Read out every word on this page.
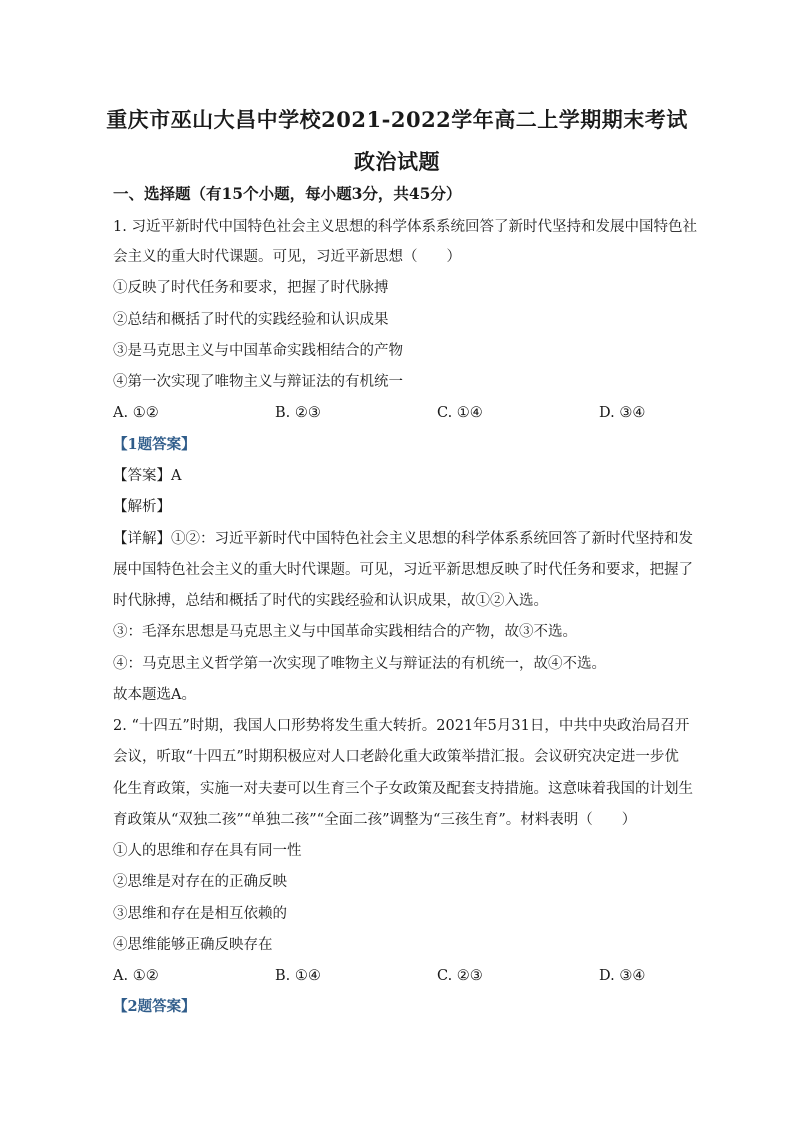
重庆市巫山大昌中学校2021-2022学年高二上学期期末考试
政治试题
一、选择题（有15个小题，每小题3分，共45分）
1. 习近平新时代中国特色社会主义思想的科学体系系统回答了新时代坚持和发展中国特色社
会主义的重大时代课题。可见，习近平新思想（　　）
①反映了时代任务和要求，把握了时代脉搏
②总结和概括了时代的实践经验和认识成果
③是马克思主义与中国革命实践相结合的产物
④第一次实现了唯物主义与辩证法的有机统一
A. ①②	B. ②③	C. ①④	D. ③④
【1题答案】
【答案】A
【解析】
【详解】①②：习近平新时代中国特色社会主义思想的科学体系系统回答了新时代坚持和发
展中国特色社会主义的重大时代课题。可见，习近平新思想反映了时代任务和要求，把握了
时代脉搏，总结和概括了时代的实践经验和认识成果，故①②入选。
③：毛泽东思想是马克思主义与中国革命实践相结合的产物，故③不选。
④：马克思主义哲学第一次实现了唯物主义与辩证法的有机统一，故④不选。
故本题选A。
2. “十四五”时期，我国人口形势将发生重大转折。2021年5月31日，中共中央政治局召开
会议，听取“十四五”时期积极应对人口老龄化重大政策举措汇报。会议研究决定进一步优
化生育政策，实施一对夫妻可以生育三个子女政策及配套支持措施。这意味着我国的计划生
育政策从“双独二孩”“单独二孩”“全面二孩”调整为“三孩生育”。材料表明（　　）
①人的思维和存在具有同一性
②思维是对存在的正确反映
③思维和存在是相互依赖的
④思维能够正确反映存在
A. ①②	B. ①④	C. ②③	D. ③④
【2题答案】
